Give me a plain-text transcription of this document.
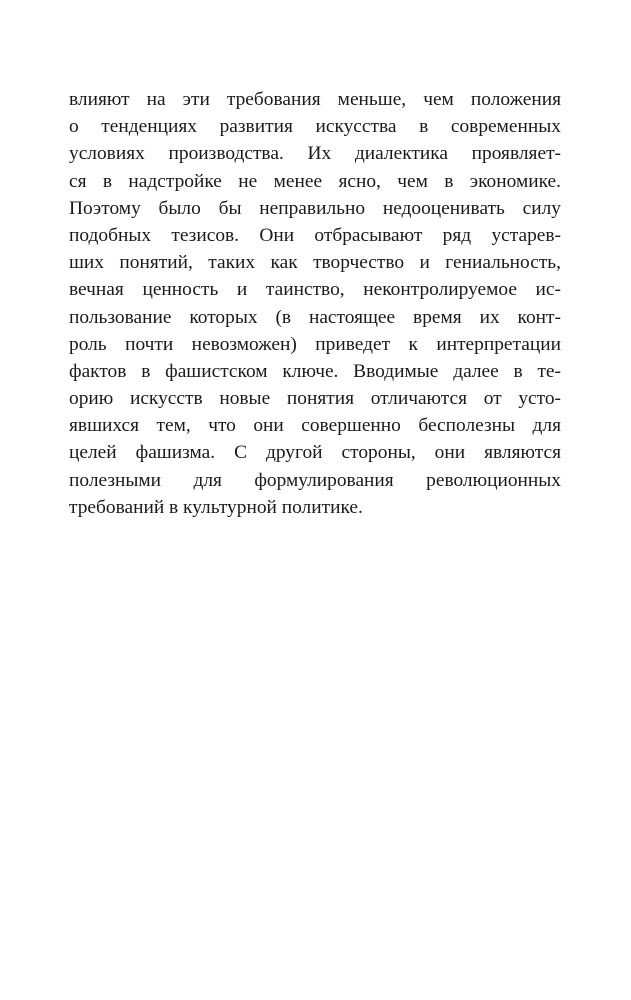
влияют на эти требования меньше, чем положения
о тенденциях развития искусства в современных
условиях производства. Их диалектика проявляет-
ся в надстройке не менее ясно, чем в экономике.
Поэтому было бы неправильно недооценивать силу
подобных тезисов. Они отбрасывают ряд устарев-
ших понятий, таких как творчество и гениальность,
вечная ценность и таинство, неконтролируемое ис-
пользование которых (в настоящее время их конт-
роль почти невозможен) приведет к интерпретации
фактов в фашистском ключе. Вводимые далее в те-
орию искусств новые понятия отличаются от усто-
явшихся тем, что они совершенно бесполезны для
целей фашизма. С другой стороны, они являются
полезными для формулирования революционных
требований в культурной политике.
